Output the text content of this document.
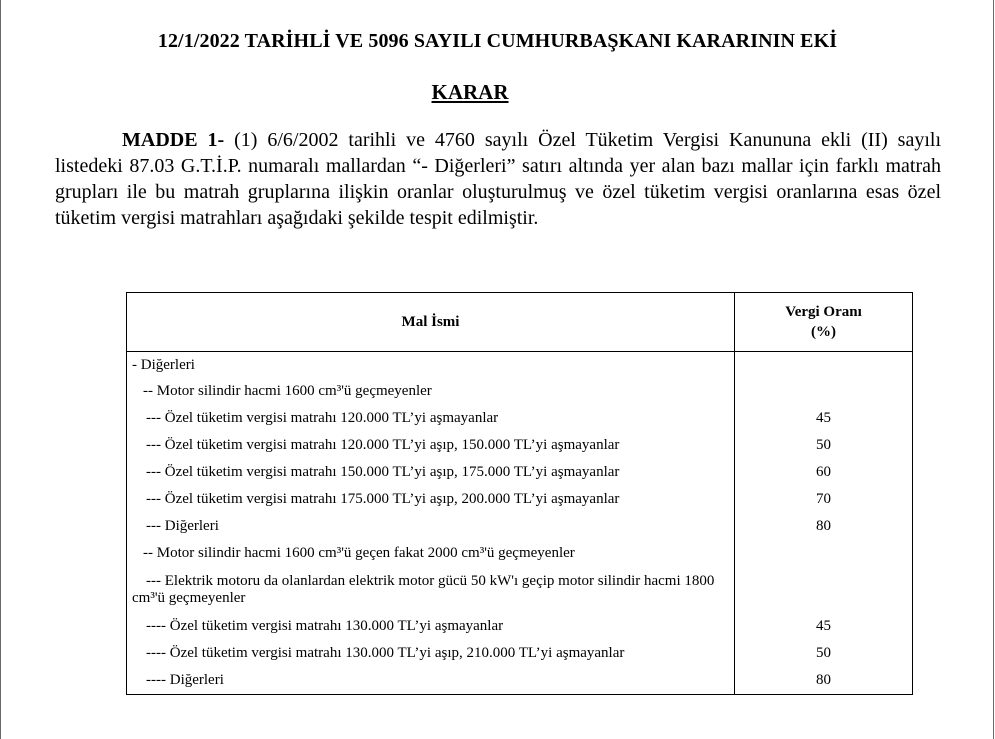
12/1/2022 TARİHLİ VE 5096 SAYILI CUMHURBAŞKANI KARARININ EKİ
KARAR

MADDE 1- (1) 6/6/2002 tarihli ve 4760 sayılı Özel Tüketim Vergisi Kanununa ekli (II) sayılı listedeki 87.03 G.T.İ.P. numaralı mallardan “- Diğerleri” satırı altında yer alan bazı mallar için farklı matrah grupları ile bu matrah gruplarına ilişkin oranlar oluşturulmuş ve özel tüketim vergisi oranlarına esas özel tüketim vergisi matrahları aşağıdaki şekilde tespit edilmiştir.

Mal İsmi	Vergi Oranı
(%)
- Diğerleri	
-- Motor silindir hacmi 1600 cm³'ü geçmeyenler	
--- Özel tüketim vergisi matrahı 120.000 TL’yi aşmayanlar	45
--- Özel tüketim vergisi matrahı 120.000 TL’yi aşıp, 150.000 TL’yi aşmayanlar	50
--- Özel tüketim vergisi matrahı 150.000 TL’yi aşıp, 175.000 TL’yi aşmayanlar	60
--- Özel tüketim vergisi matrahı 175.000 TL’yi aşıp, 200.000 TL’yi aşmayanlar	70
--- Diğerleri	80
-- Motor silindir hacmi 1600 cm³'ü geçen fakat 2000 cm³'ü geçmeyenler	
--- Elektrik motoru da olanlardan elektrik motor gücü 50 kW'ı geçip motor silindir hacmi 1800 cm³'ü geçmeyenler	
---- Özel tüketim vergisi matrahı 130.000 TL’yi aşmayanlar	45
---- Özel tüketim vergisi matrahı 130.000 TL’yi aşıp, 210.000 TL’yi aşmayanlar	50
---- Diğerleri	80
